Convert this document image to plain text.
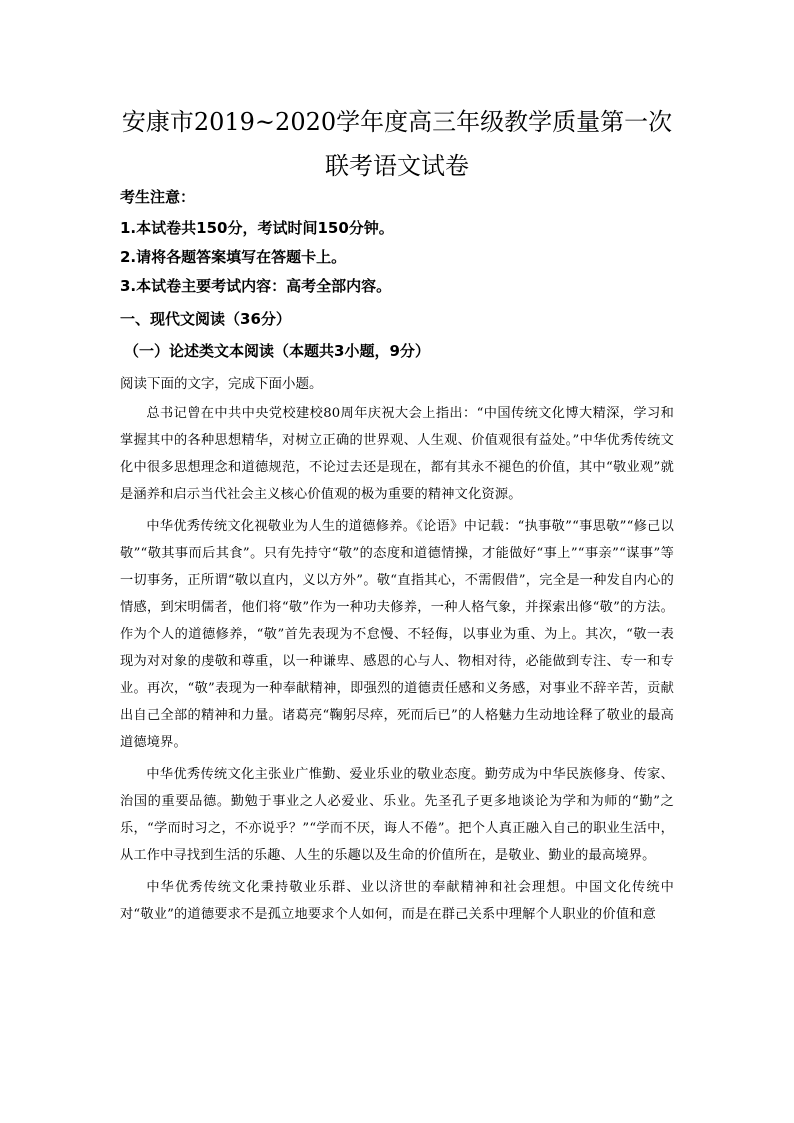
安康市2019~2020学年度高三年级教学质量第一次联考语文试卷
考生注意：
1.本试卷共150分，考试时间150分钟。
2.请将各题答案填写在答题卡上。
3.本试卷主要考试内容：高考全部内容。
一、现代文阅读（36分）
（一）论述类文本阅读（本题共3小题，9分）
阅读下面的文字，完成下面小题。

总书记曾在中共中央党校建校80周年庆祝大会上指出：“中国传统文化博大精深，学习和掌握其中的各种思想精华，对树立正确的世界观、人生观、价值观很有益处。”中华优秀传统文化中很多思想理念和道德规范，不论过去还是现在，都有其永不褪色的价值，其中“敬业观”就是涵养和启示当代社会主义核心价值观的极为重要的精神文化资源。

中华优秀传统文化视敬业为人生的道德修养。《论语》中记载：“执事敬”“事思敬”“修己以敬”“敬其事而后其食”。只有先持守“敬”的态度和道德情操，才能做好“事上”“事亲”“谋事”等一切事务，正所谓“敬以直内，义以方外”。敬“直指其心，不需假借”，完全是一种发自内心的情感，到宋明儒者，他们将“敬”作为一种功夫修养，一种人格气象，并探索出修“敬”的方法。作为个人的道德修养，“敬”首先表现为不怠慢、不轻侮，以事业为重、为上。其次，“敬一表现为对对象的虔敬和尊重，以一种谦卑、感恩的心与人、物相对待，必能做到专注、专一和专业。再次，“敬”表现为一种奉献精神，即强烈的道德责任感和义务感，对事业不辞辛苦，贡献出自己全部的精神和力量。诸葛亮“鞠躬尽瘁，死而后已”的人格魅力生动地诠释了敬业的最高道德境界。

中华优秀传统文化主张业广惟勤、爱业乐业的敬业态度。勤劳成为中华民族修身、传家、治国的重要品德。勤勉于事业之人必爱业、乐业。先圣孔子更多地谈论为学和为师的“勤”之乐，“学而时习之，不亦说乎？”“学而不厌，诲人不倦”。把个人真正融入自己的职业生活中，从工作中寻找到生活的乐趣、人生的乐趣以及生命的价值所在，是敬业、勤业的最高境界。

中华优秀传统文化秉持敬业乐群、业以济世的奉献精神和社会理想。中国文化传统中对“敬业”的道德要求不是孤立地要求个人如何，而是在群己关系中理解个人职业的价值和意
